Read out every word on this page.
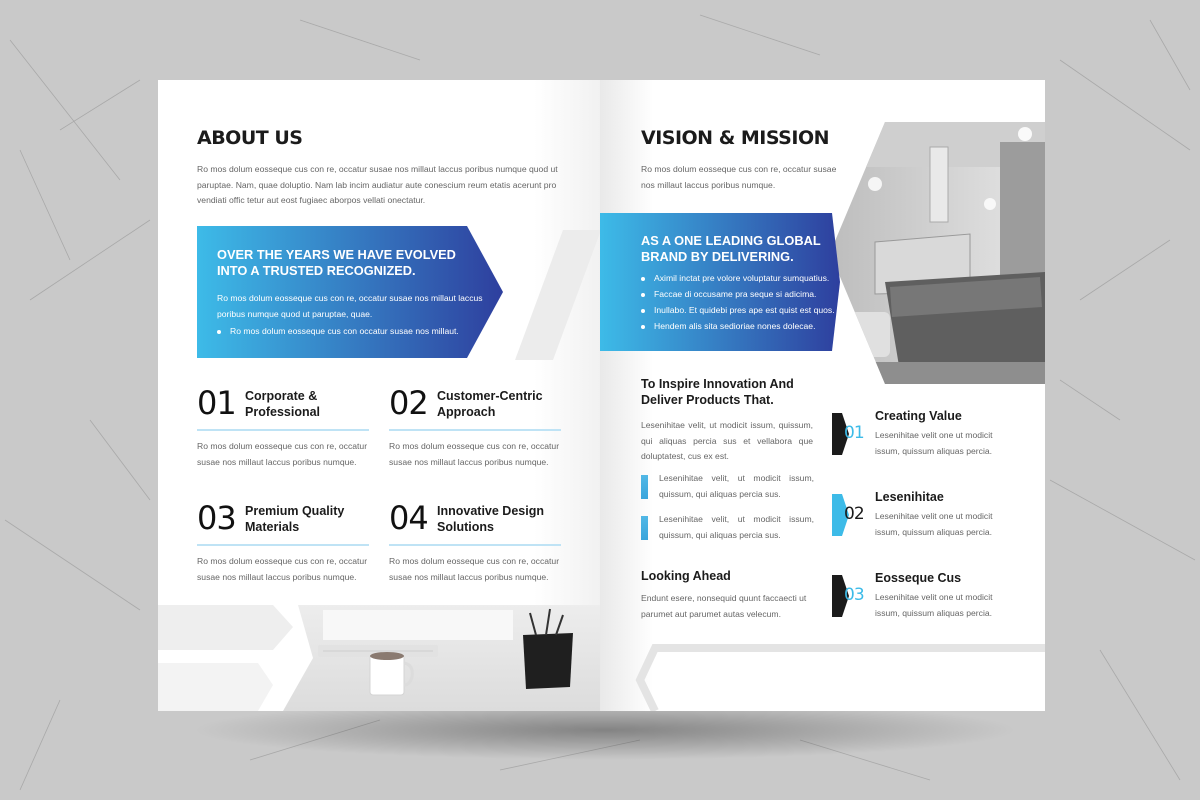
ABOUT US

Ro mos dolum eosseque cus con re, occatur susae nos millaut laccus poribus numque quod ut paruptae. Nam, quae doluptio. Nam lab incim audiatur aute conescium reum etatis acerunt pro vendiati offic tetur aut eost fugiaec aborpos vellati onectatur.

OVER THE YEARS WE HAVE EVOLVED INTO A TRUSTED RECOGNIZED.

Ro mos dolum eosseque cus con re, occatur susae nos millaut laccus poribus numque quod ut paruptae, quae.

Ro mos dolum eosseque cus con occatur susae nos millaut.

01 Corporate & Professional
Ro mos dolum eosseque cus con re, occatur susae nos millaut laccus poribus numque.
02 Customer-Centric Approach
Ro mos dolum eosseque cus con re, occatur susae nos millaut laccus poribus numque.
03 Premium Quality Materials
Ro mos dolum eosseque cus con re, occatur susae nos millaut laccus poribus numque.
04 Innovative Design Solutions
Ro mos dolum eosseque cus con re, occatur susae nos millaut laccus poribus numque.
VISION & MISSION

Ro mos dolum eosseque cus con re, occatur susae nos millaut laccus poribus numque.

AS A ONE LEADING GLOBAL BRAND BY DELIVERING.

Aximil inctat pre volore voluptatur sumquatius.

Faccae di occusame pra seque si adicima.

Inullabo. Et quidebi pres ape est quist est quos.

Hendem alis sita sedioriae nones dolecae.

To Inspire Innovation And Deliver Products That.

Lesenihitae velit, ut modicit issum, quissum, qui aliquas percia sus et vellabora que doluptatest, cus ex est.

Lesenihitae velit, ut modicit issum, quissum, qui aliquas percia sus.
Lesenihitae velit, ut modicit issum, quissum, qui aliquas percia sus.
Looking Ahead

Endunt esere, nonsequid quunt faccaecti ut parumet aut parumet autas velecum.

01
Creating Value
Lesenihitae velit one ut modicit issum, quissum aliquas percia.
02
Lesenihitae
Lesenihitae velit one ut modicit issum, quissum aliquas percia.
03
Eosseque Cus
Lesenihitae velit one ut modicit issum, quissum aliquas percia.
